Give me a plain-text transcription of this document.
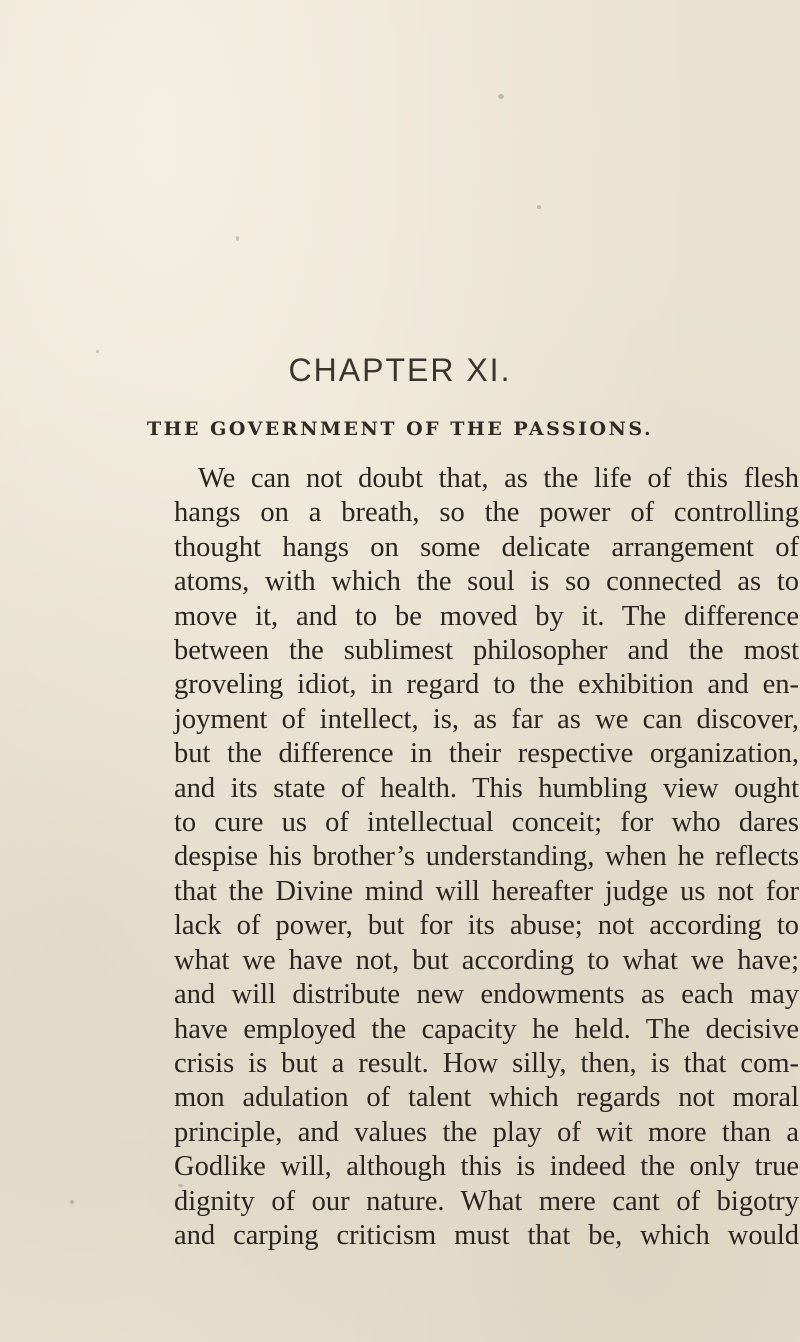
CHAPTER XI.
THE GOVERNMENT OF THE PASSIONS.
We can not doubt that, as the life of this flesh
hangs on a breath, so the power of controlling
thought hangs on some delicate arrangement of
atoms, with which the soul is so connected as to
move it, and to be moved by it. The difference
between the sublimest philosopher and the most
groveling idiot, in regard to the exhibition and en-
joyment of intellect, is, as far as we can discover,
but the difference in their respective organization,
and its state of health. This humbling view ought
to cure us of intellectual conceit; for who dares
despise his brother’s understanding, when he reflects
that the Divine mind will hereafter judge us not for
lack of power, but for its abuse; not according to
what we have not, but according to what we have;
and will distribute new endowments as each may
have employed the capacity he held. The decisive
crisis is but a result. How silly, then, is that com-
mon adulation of talent which regards not moral
principle, and values the play of wit more than a
Godlike will, although this is indeed the only true
dignity of our nature. What mere cant of bigotry
and carping criticism must that be, which would
